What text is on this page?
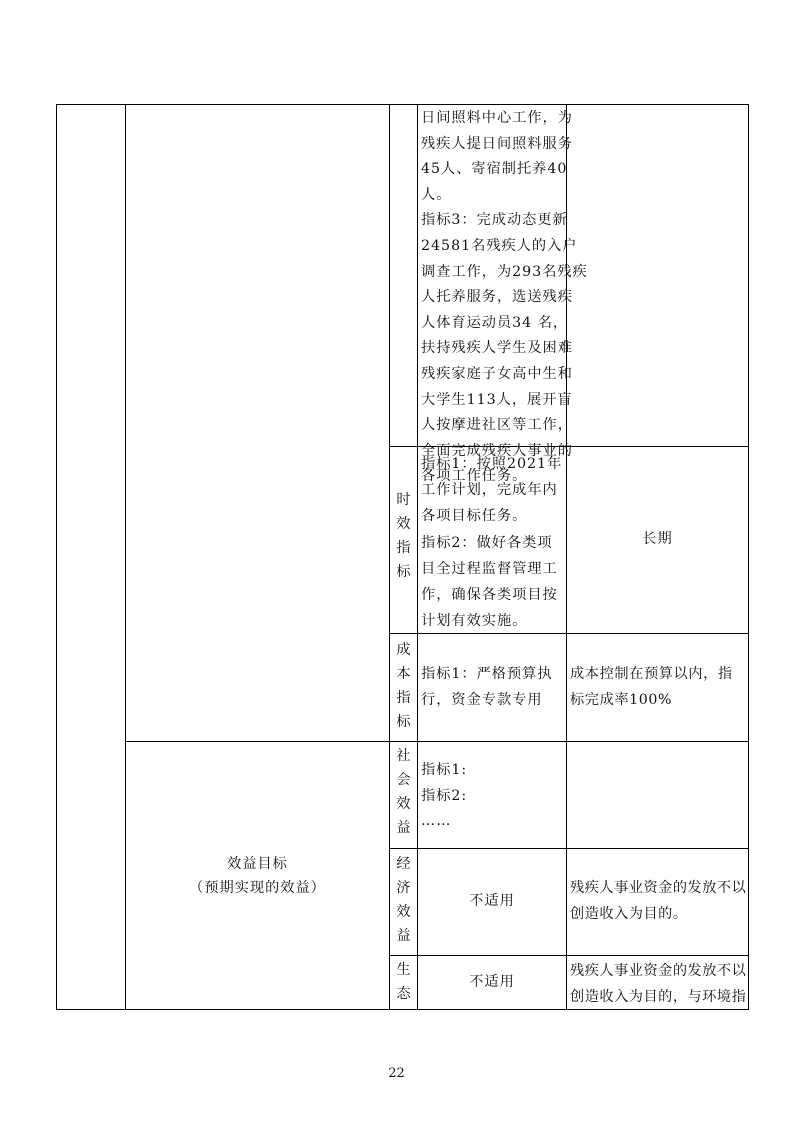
日间照料中心工作，为
残疾人提日间照料服务
45人、寄宿制托养40
人。
指标3：完成动态更新
24581名残疾人的入户
调查工作，为293名残疾
人托养服务，选送残疾
人体育运动员34 名，
扶持残疾人学生及困难
残疾家庭子女高中生和
大学生113人，展开盲
人按摩进社区等工作，
全面完成残疾人事业的
各项工作任务。
时
效
指
标
指标1：按照2021年
工作计划，完成年内
各项目标任务。
指标2：做好各类项
目全过程监督管理工
作，确保各类项目按
计划有效实施。
长期
成
本
指
标
指标1：严格预算执
行，资金专款专用
成本控制在预算以内，指
标完成率100%
效益目标
（预期实现的效益）
社
会
效
益
指标1:
指标2:
……
经
济
效
益
不适用
残疾人事业资金的发放不以
创造收入为目的。
生
态
不适用
残疾人事业资金的发放不以
创造收入为目的，与环境指
22
